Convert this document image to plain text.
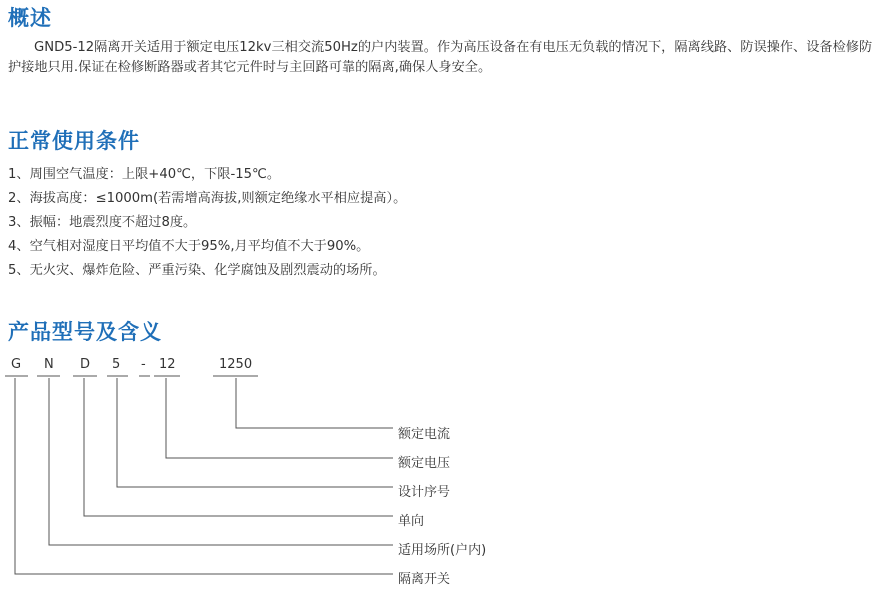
概述

GND5-12隔离开关适用于额定电压12kv三相交流50Hz的户内装置。作为高压设备在有电压无负载的情况下，隔离线路、防误操作、设备检修防护接地只用.保证在检修断路器或者其它元件时与主回路可靠的隔离,确保人身安全。

正常使用条件
1、周围空气温度：上限+40℃，下限-15℃。
2、海拔高度：≤1000m(若需增高海拔,则额定绝缘水平相应提高）。
3、振幅：地震烈度不超过8度。
4、空气相对湿度日平均值不大于95%,月平均值不大于90%。
5、无火灾、爆炸危险、严重污染、化学腐蚀及剧烈震动的场所。
产品型号及含义
G N D 5 - 12	1250
额定电流
额定电压
设计序号
单向
适用场所(户内)
隔离开关
